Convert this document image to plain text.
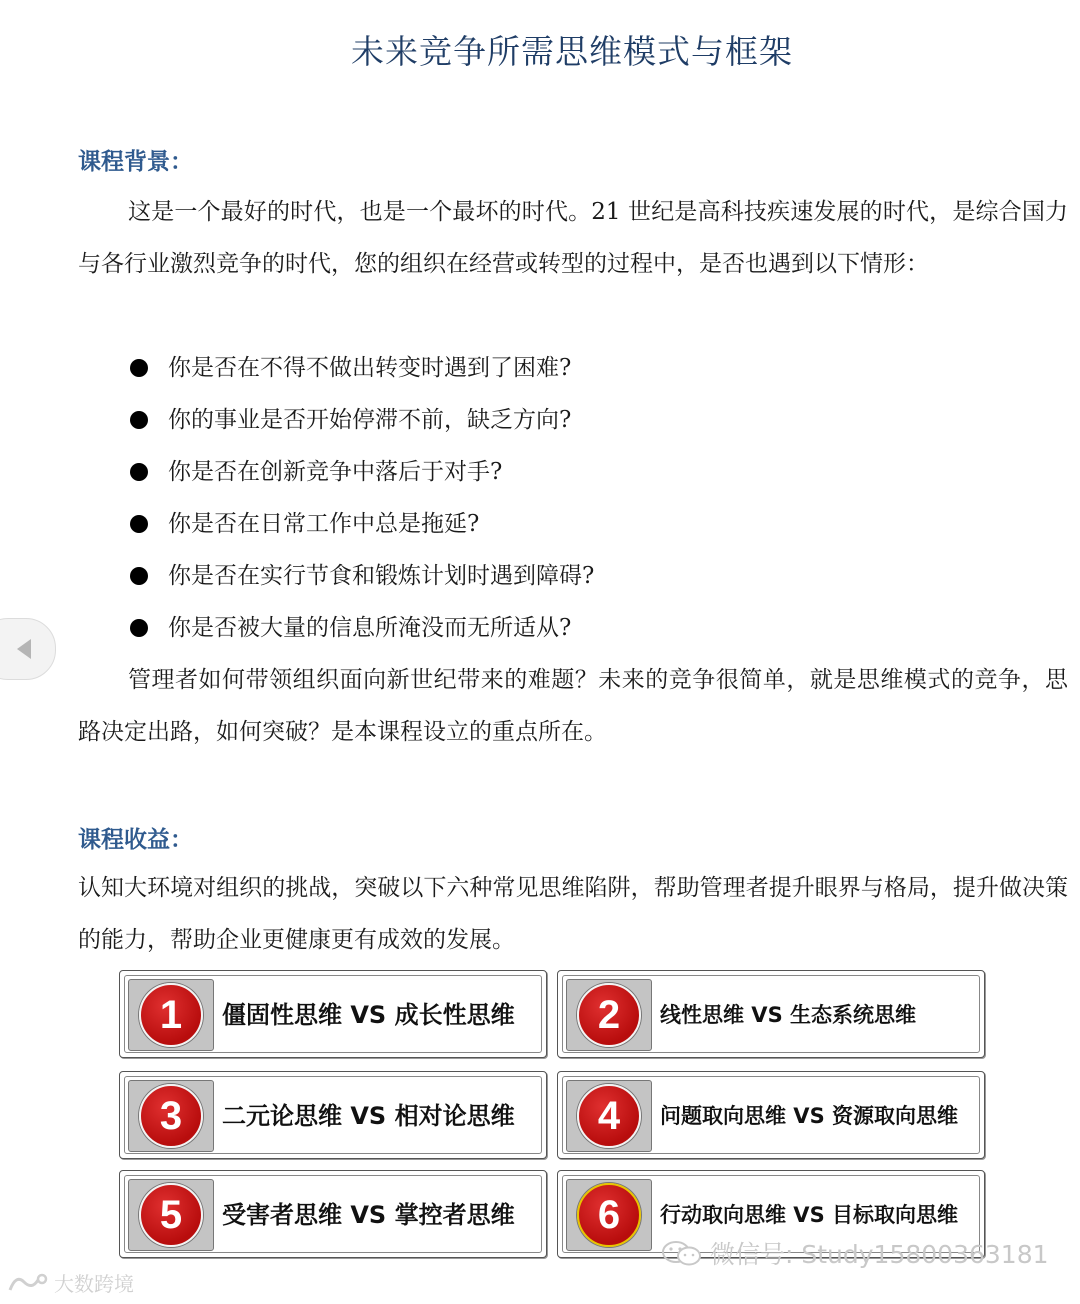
未来竞争所需思维模式与框架
课程背景：
这是一个最好的时代，也是一个最坏的时代。21 世纪是高科技疾速发展的时代，是综合国力与各行业激烈竞争的时代，您的组织在经营或转型的过程中，是否也遇到以下情形：
你是否在不得不做出转变时遇到了困难?
你的事业是否开始停滞不前，缺乏方向?
你是否在创新竞争中落后于对手?
你是否在日常工作中总是拖延?
你是否在实行节食和锻炼计划时遇到障碍?
你是否被大量的信息所淹没而无所适从?
管理者如何带领组织面向新世纪带来的难题？未来的竞争很简单，就是思维模式的竞争，思路决定出路，如何突破？是本课程设立的重点所在。
课程收益：
认知大环境对组织的挑战，突破以下六种常见思维陷阱，帮助管理者提升眼界与格局，提升做决策的能力，帮助企业更健康更有成效的发展。
1	僵固性思维 VS 成长性思维	2	线性思维 VS 生态系统思维
3	二元论思维 VS 相对论思维	4	问题取向思维 VS 资源取向思维
5	受害者思维 VS 掌控者思维	6	行动取向思维 VS 目标取向思维
微信号: Study15800363181
大数跨境
